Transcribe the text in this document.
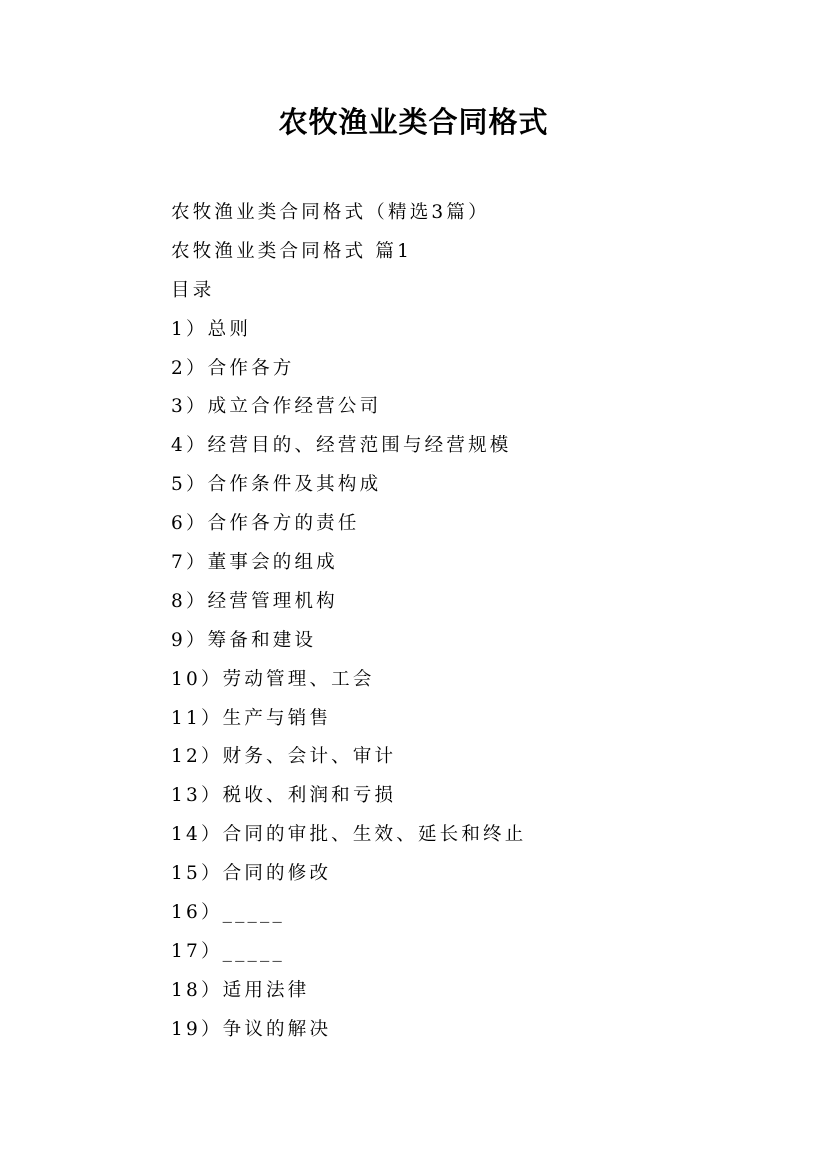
农牧渔业类合同格式
农牧渔业类合同格式（精选3篇）
农牧渔业类合同格式 篇1
目录
1）总则
2）合作各方
3）成立合作经营公司
4）经营目的、经营范围与经营规模
5）合作条件及其构成
6）合作各方的责任
7）董事会的组成
8）经营管理机构
9）筹备和建设
10）劳动管理、工会
11）生产与销售
12）财务、会计、审计
13）税收、利润和亏损
14）合同的审批、生效、延长和终止
15）合同的修改
16）_____
17）_____
18）适用法律
19）争议的解决
